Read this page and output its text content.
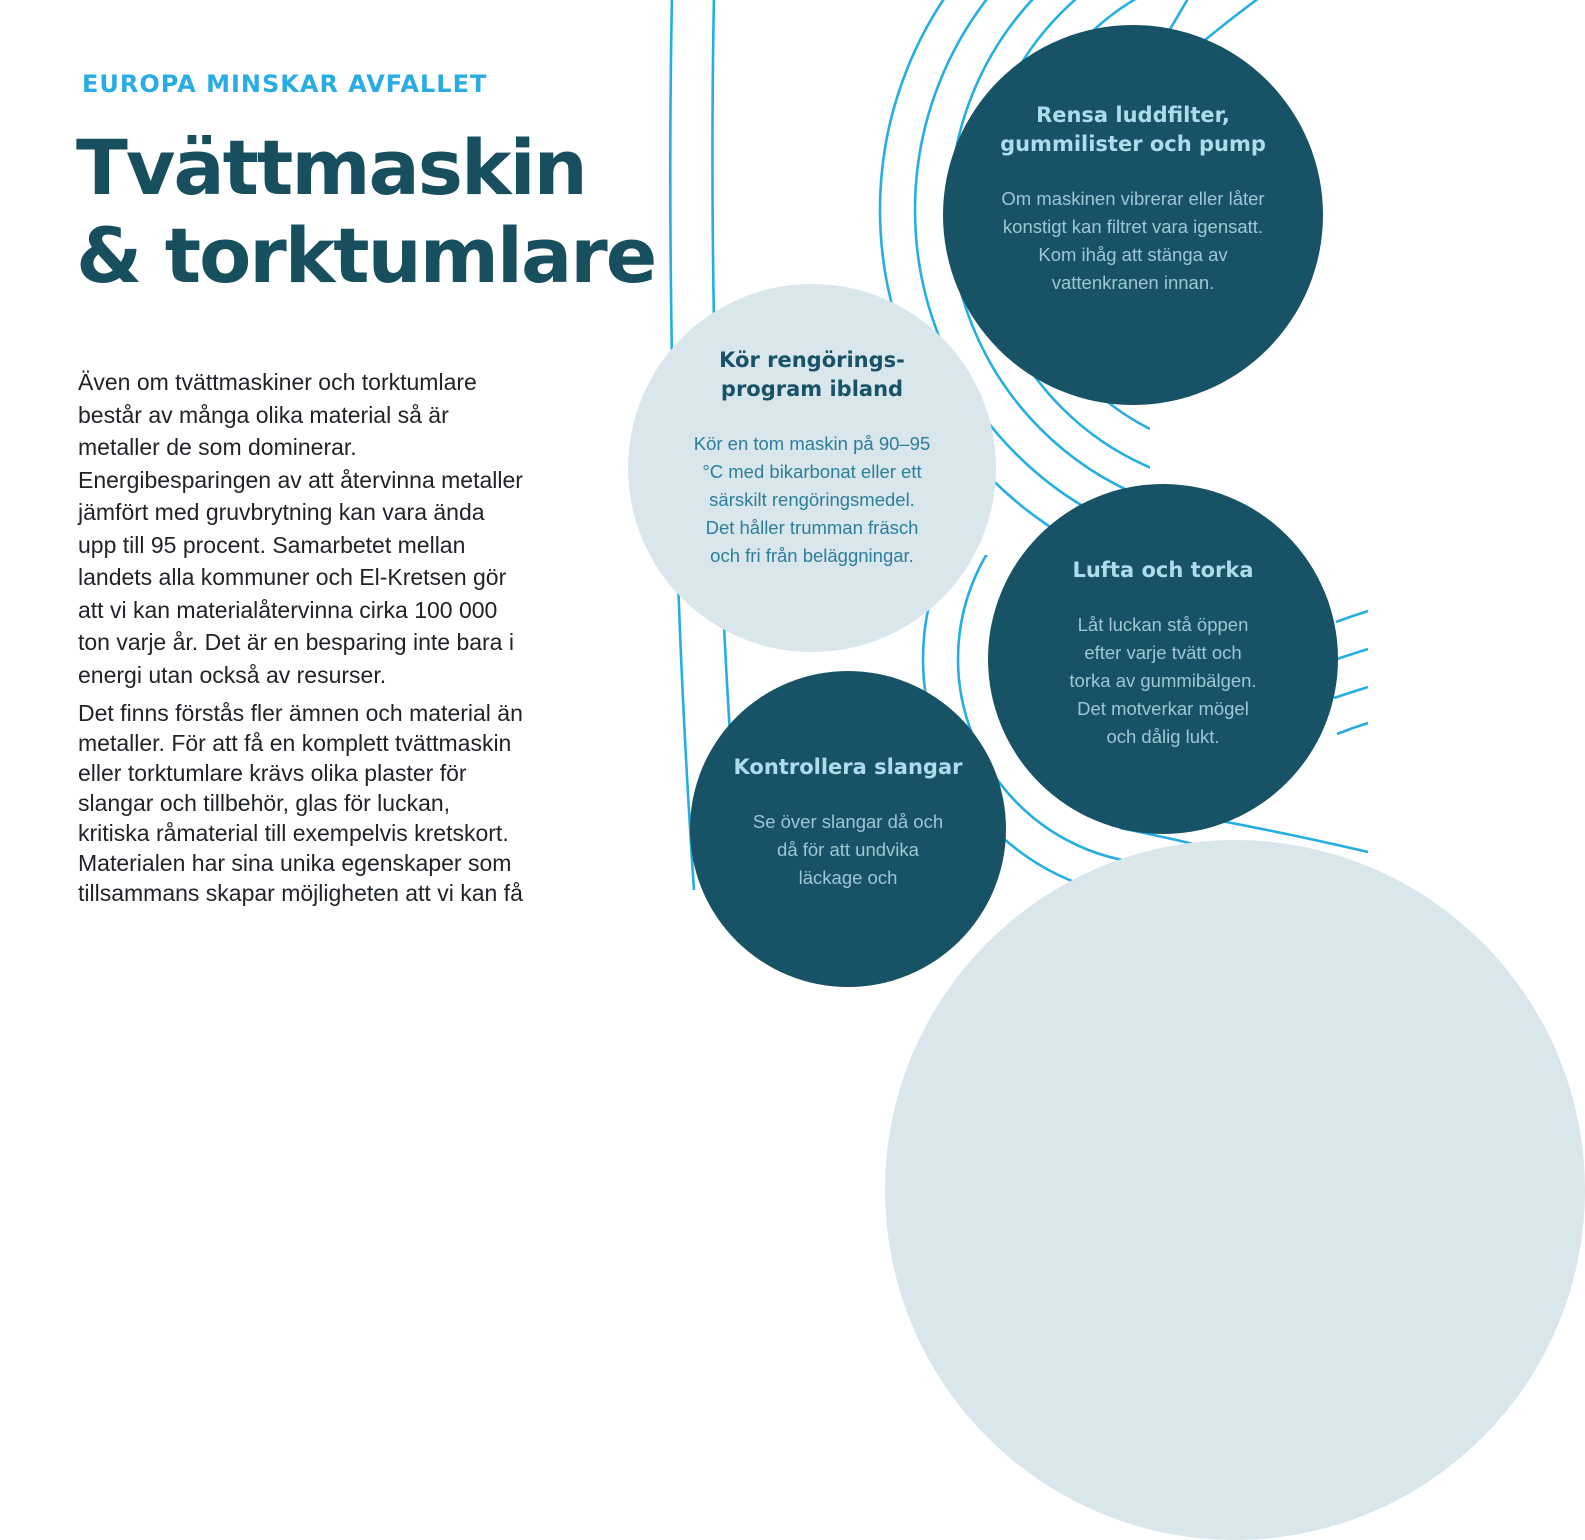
EUROPA MINSKAR AVFALLET
Tvättmaskin
& torktumlare
Även om tvättmaskiner och torktumlare
består av många olika material så är
metaller de som dominerar.
Energibesparingen av att återvinna metaller
jämfört med gruvbrytning kan vara ända
upp till 95 procent. Samarbetet mellan
landets alla kommuner och El-Kretsen gör
att vi kan materialåtervinna cirka 100 000
ton varje år. Det är en besparing inte bara i
energi utan också av resurser.
Det finns förstås fler ämnen och material än
metaller. För att få en komplett tvättmaskin
eller torktumlare krävs olika plaster för
slangar och tillbehör, glas för luckan,
kritiska råmaterial till exempelvis kretskort.
Materialen har sina unika egenskaper som
tillsammans skapar möjligheten att vi kan få
Rensa luddfilter,
gummilister och pump
Om maskinen vibrerar eller låter
konstigt kan filtret vara igensatt.
Kom ihåg att stänga av
vattenkranen innan.
Kör rengörings-
program ibland
Kör en tom maskin på 90–95
°C med bikarbonat eller ett
särskilt rengöringsmedel.
Det håller trumman fräsch
och fri från beläggningar.
Lufta och torka
Låt luckan stå öppen
efter varje tvätt och
torka av gummibälgen.
Det motverkar mögel
och dålig lukt.
Kontrollera slangar
Se över slangar då och
då för att undvika
läckage och
